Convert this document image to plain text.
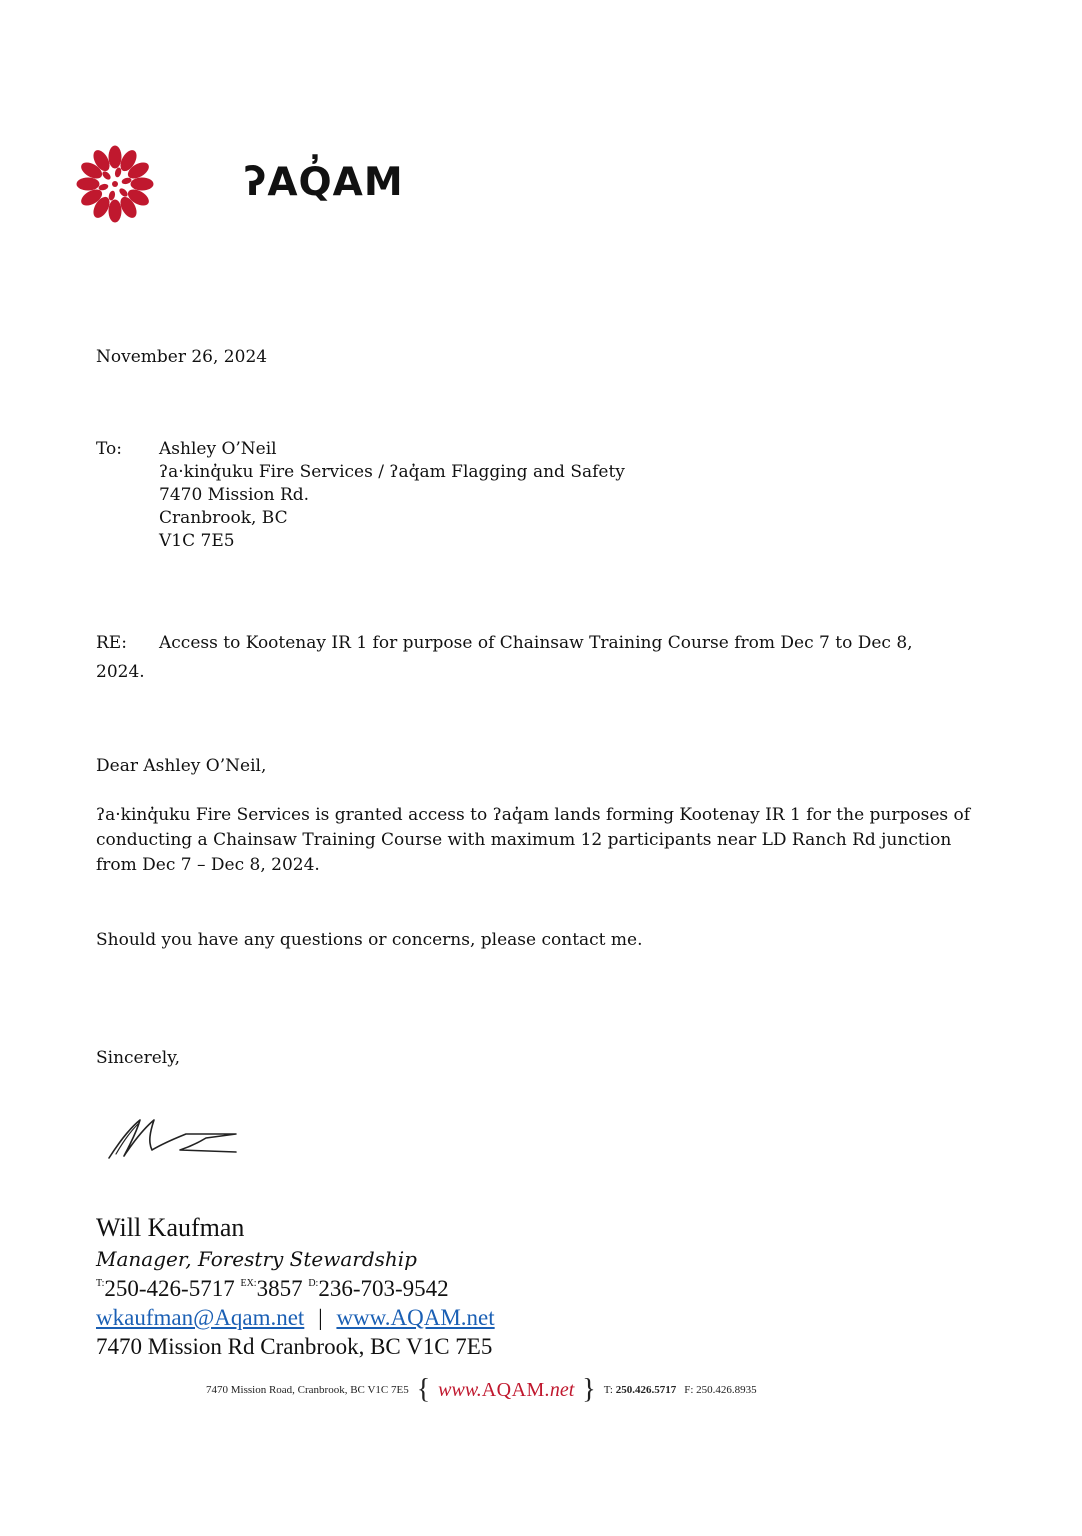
ʔAQ̓AM
November 26, 2024
To: Ashley O’Neil
ʔa·kinq̓uku Fire Services / ʔaq̓am Flagging and Safety
7470 Mission Rd.
Cranbrook, BC
V1C 7E5
RE: Access to Kootenay IR 1 for purpose of Chainsaw Training Course from Dec 7 to Dec 8,
2024.
Dear Ashley O’Neil,
ʔa·kinq̓uku Fire Services is granted access to ʔaq̓am lands forming Kootenay IR 1 for the purposes of conducting a Chainsaw Training Course with maximum 12 participants near LD Ranch Rd junction from Dec 7 – Dec 8, 2024.
Should you have any questions or concerns, please contact me.
Sincerely,
Will Kaufman
Manager, Forestry Stewardship
$^{T:}$250-426-5717 $^{EX:}$3857 $^{D:}$236-703-9542
wkaufman@Aqam.net | www.AQAM.net
7470 Mission Rd Cranbrook, BC V1C 7E5
7470 Mission Road, Cranbrook, BC V1C 7E5 { www.AQAM.net } T: 250.426.5717 F: 250.426.8935
